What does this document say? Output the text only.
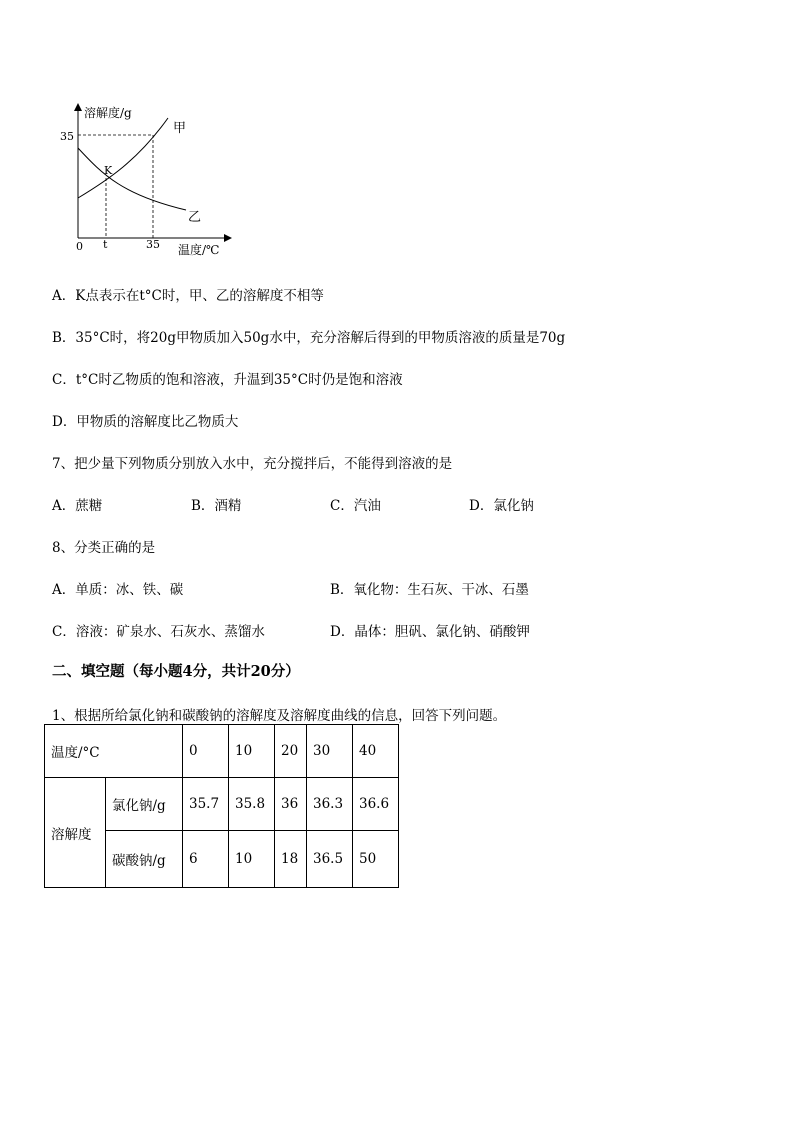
溶解度/g
温度/℃
35
0 t	35
K
甲
乙
A．K点表示在t°C时，甲、乙的溶解度不相等
B．35°C时，将20g甲物质加入50g水中，充分溶解后得到的甲物质溶液的质量是70g
C．t°C时乙物质的饱和溶液，升温到35°C时仍是饱和溶液
D．甲物质的溶解度比乙物质大
7、把少量下列物质分别放入水中，充分搅拌后，不能得到溶液的是
A．蔗糖	B．酒精	C．汽油	D．氯化钠
8、分类正确的是
A．单质：冰、铁、碳	B．氧化物：生石灰、干冰、石墨
C．溶液：矿泉水、石灰水、蒸馏水	D．晶体：胆矾、氯化钠、硝酸钾
二、填空题（每小题4分，共计20分）
1、根据所给氯化钠和碳酸钠的溶解度及溶解度曲线的信息，回答下列问题。
温度/°C		0	10	20	30	40
溶解度	氯化钠/g	35.7	35.8	36	36.3	36.6
	碳酸钠/g	6	10	18	36.5	50
